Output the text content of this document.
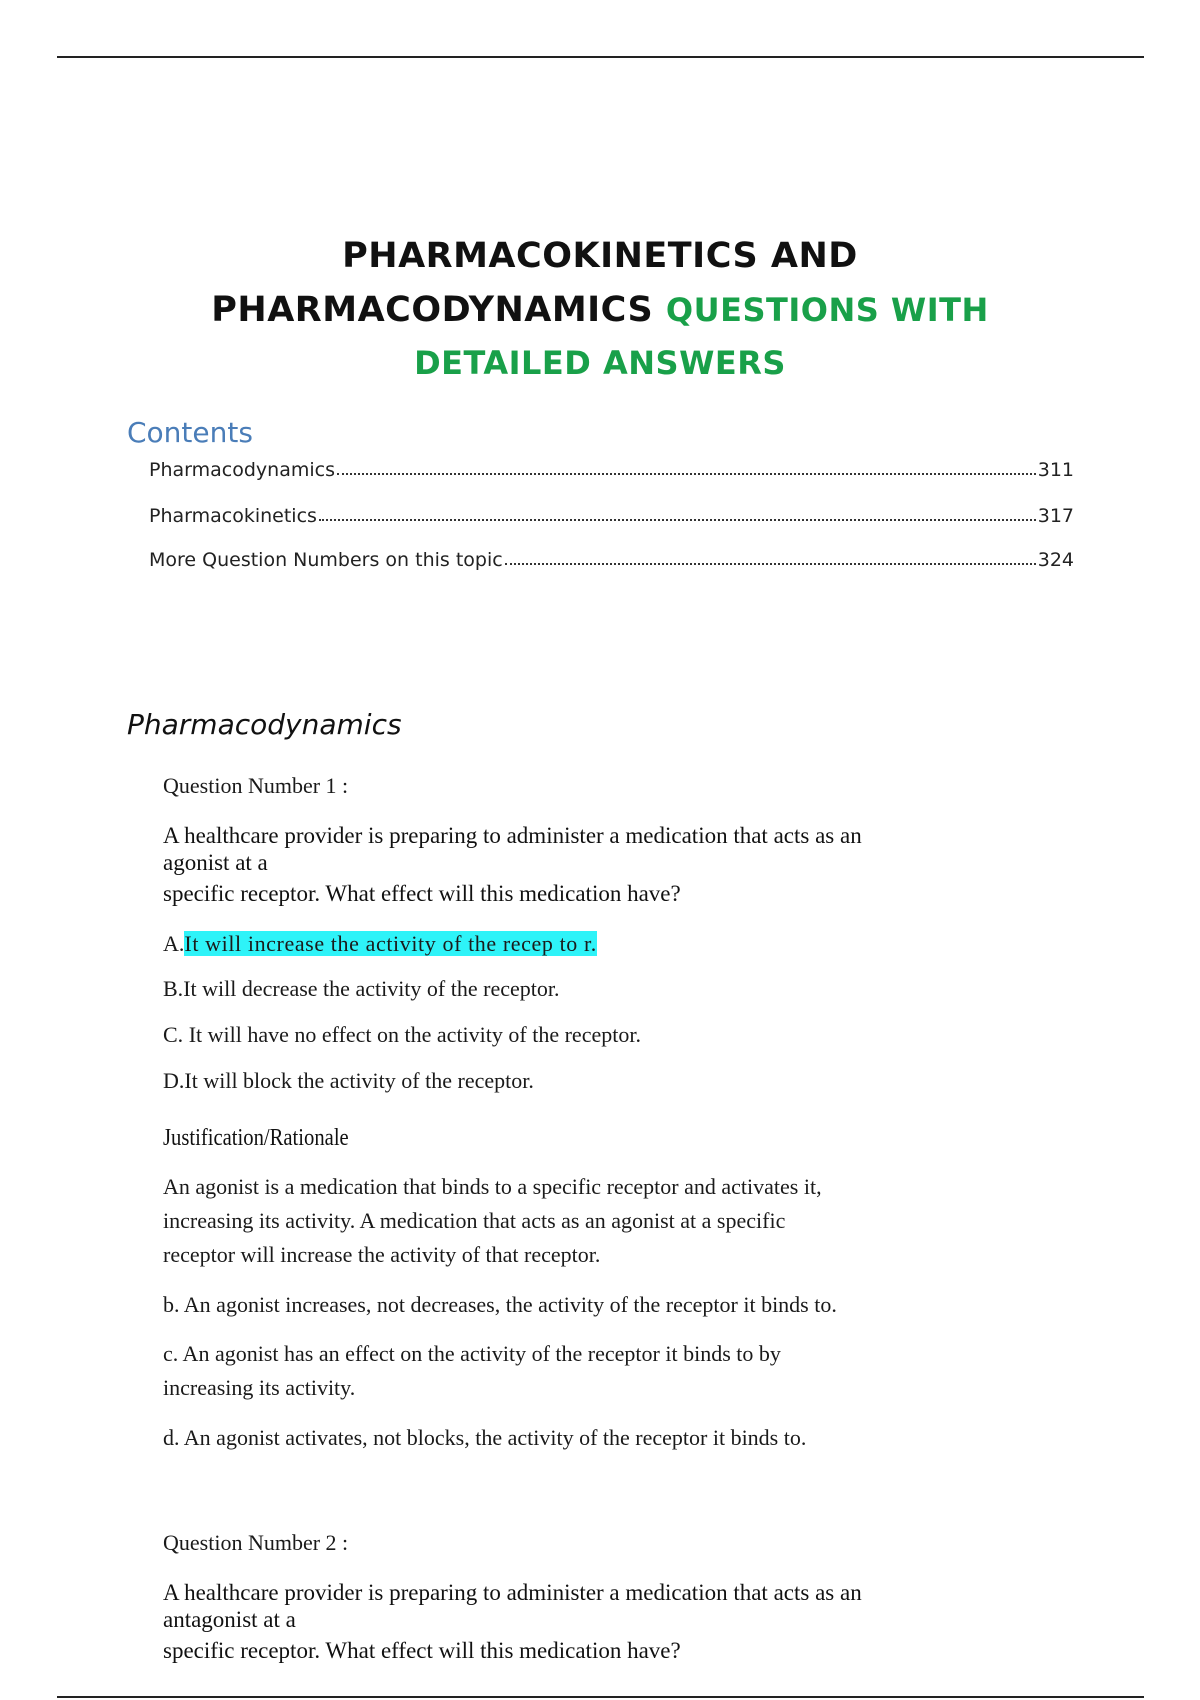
PHARMACOKINETICS AND
PHARMACODYNAMICS QUESTIONS WITH
DETAILED ANSWERS
Contents
Pharmacodynamics	311
Pharmacokinetics	317
More Question Numbers on this topic	324
Pharmacodynamics
Question Number 1 :
A healthcare provider is preparing to administer a medication that acts as an
agonist at a
specific receptor. What effect will this medication have?
A.It will increase the activity of the recep to r.
B.It will decrease the activity of the receptor.
C. It will have no effect on the activity of the receptor.
D.It will block the activity of the receptor.
Justification/Rationale
An agonist is a medication that binds to a specific receptor and activates it,
increasing its activity. A medication that acts as an agonist at a specific
receptor will increase the activity of that receptor.
b. An agonist increases, not decreases, the activity of the receptor it binds to.
c. An agonist has an effect on the activity of the receptor it binds to by
increasing its activity.
d. An agonist activates, not blocks, the activity of the receptor it binds to.
Question Number 2 :
A healthcare provider is preparing to administer a medication that acts as an
antagonist at a
specific receptor. What effect will this medication have?
